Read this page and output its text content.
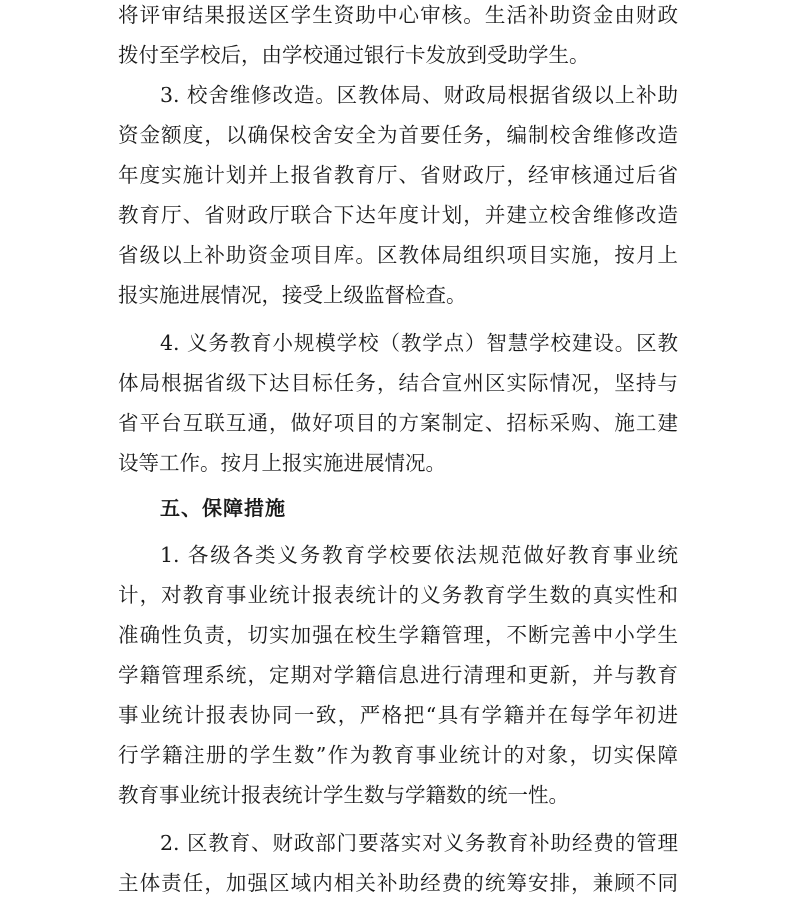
将评审结果报送区学生资助中心审核。生活补助资金由财政
拨付至学校后，由学校通过银行卡发放到受助学生。
3. 校舍维修改造。区教体局、财政局根据省级以上补助
资金额度，以确保校舍安全为首要任务，编制校舍维修改造
年度实施计划并上报省教育厅、省财政厅，经审核通过后省
教育厅、省财政厅联合下达年度计划，并建立校舍维修改造
省级以上补助资金项目库。区教体局组织项目实施，按月上
报实施进展情况，接受上级监督检查。
4. 义务教育小规模学校（教学点）智慧学校建设。区教
体局根据省级下达目标任务，结合宣州区实际情况，坚持与
省平台互联互通，做好项目的方案制定、招标采购、施工建
设等工作。按月上报实施进展情况。
五、保障措施
1. 各级各类义务教育学校要依法规范做好教育事业统
计，对教育事业统计报表统计的义务教育学生数的真实性和
准确性负责，切实加强在校生学籍管理，不断完善中小学生
学籍管理系统，定期对学籍信息进行清理和更新，并与教育
事业统计报表协同一致，严格把“具有学籍并在每学年初进
行学籍注册的学生数”作为教育事业统计的对象，切实保障
教育事业统计报表统计学生数与学籍数的统一性。
2. 区教育、财政部门要落实对义务教育补助经费的管理
主体责任，加强区域内相关补助经费的统筹安排，兼顾不同
